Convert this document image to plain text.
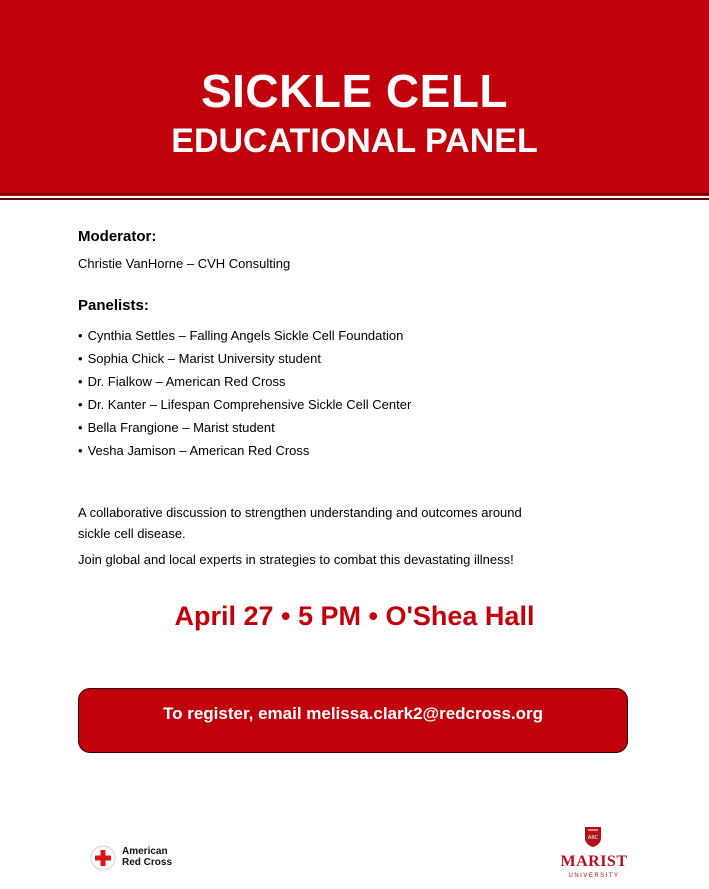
SICKLE CELL
EDUCATIONAL PANEL
Moderator:
Christie VanHorne – CVH Consulting
Panelists:
• Cynthia Settles – Falling Angels Sickle Cell Foundation
• Sophia Chick – Marist University student
• Dr. Fialkow – American Red Cross
• Dr. Kanter – Lifespan Comprehensive Sickle Cell Center
• Bella Frangione – Marist student
• Vesha Jamison – American Red Cross
A collaborative discussion to strengthen understanding and outcomes around sickle cell disease.
Join global and local experts in strategies to combat this devastating illness!
April 27 • 5 PM • O'Shea Hall
To register, email melissa.clark2@redcross.org
American
Red Cross
ARC
MARIST
UNIVERSITY
